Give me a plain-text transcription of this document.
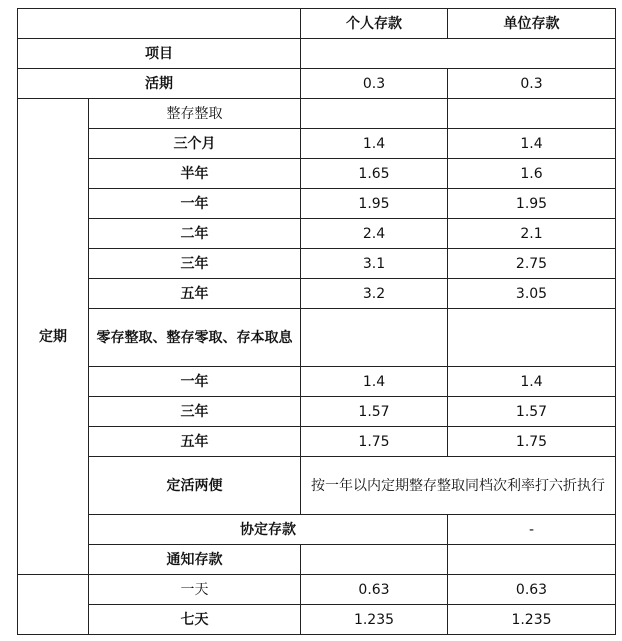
		个人存款	单位存款	
项目				
活期		0.3	0.3	
定期	整存整取			
	三个月	1.4	1.4	
	半年	1.65	1.6	
	一年	1.95	1.95	
	二年	2.4	2.1	
	三年	3.1	2.75	
	五年	3.2	3.05	
	零存整取、整存零取、存本取息			
	一年	1.4	1.4	
	三年	1.57	1.57	
	五年	1.75	1.75	
	定活两便	按一年以内定期整存整取同档次利率打六折执行		
	协定存款		-	
	通知存款			
	一天	0.63	0.63	
	七天	1.235	1.235	
